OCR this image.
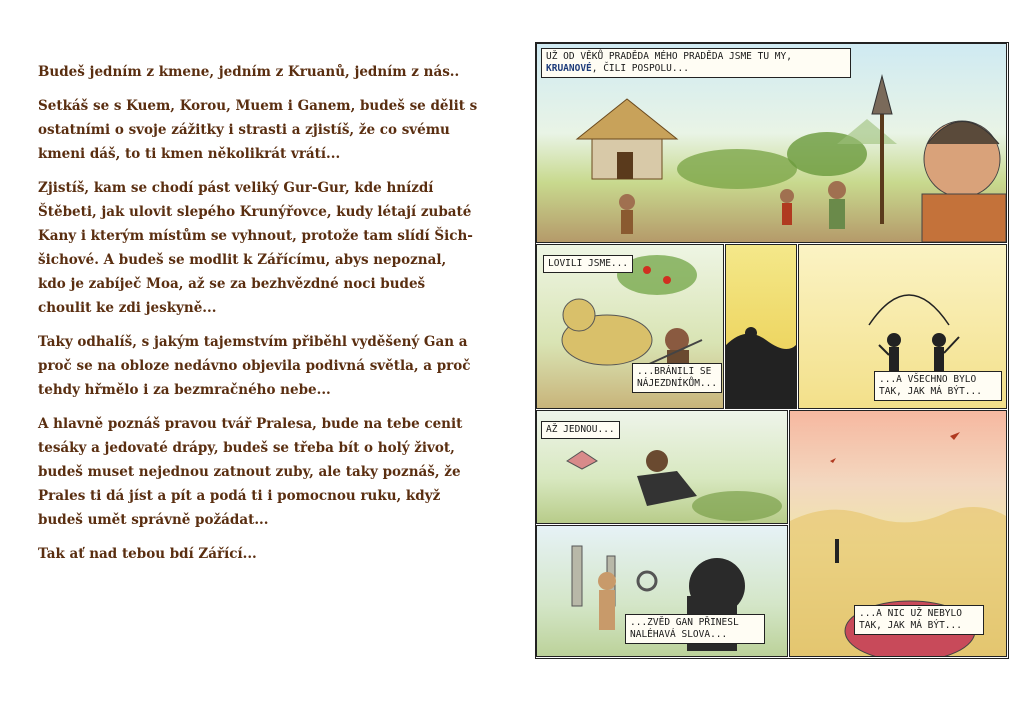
Budeš jedním z kmene, jedním z Kruanů, jedním z nás..

Setkáš se s Kuem, Korou, Muem i Ganem, budeš se dělit s ostatními o svoje zážitky i strasti a zjistíš, že co svému kmeni dáš, to ti kmen několikrát vrátí...

Zjistíš, kam se chodí pást veliký Gur-Gur, kde hnízdí Štěbeti, jak ulovit slepého Krunýřovce, kudy létají zubaté Kany i kterým místům se vyhnout, protože tam slídí Šich-šichové. A budeš se modlit k Zářícímu, abys nepoznal, kdo je zabíječ Moa, až se za bezhvězdné noci budeš choulit ke zdi jeskyně...

Taky odhalíš, s jakým tajemstvím přiběhl vyděšený Gan a proč se na obloze nedávno objevila podivná světla, a proč tehdy hřmělo i za bezmračného nebe...

A hlavně poznáš pravou tvář Pralesa, bude na tebe cenit tesáky a jedovaté drápy, budeš se třeba bít o holý život, budeš muset nejednou zatnout zuby, ale taky poznáš, že Prales ti dá jíst a pít a podá ti i pomocnou ruku, když budeš umět správně požádat...

Tak ať nad tebou bdí Zářící...

UŽ OD VĚKŮ PRADĚDA MÉHO PRADĚDA JSME TU MY, KRUANOVÉ, ČILI POSPOLU...
LOVILI JSME...
...BRÁNILI SE NÁJEZDNÍKŮM...	...A VŠECHNO BYLO TAK, JAK MÁ BÝT...
AŽ JEDNOU...
...ZVĚD GAN PŘINESL NALÉHAVÁ SLOVA...
...A NIC UŽ NEBYLO TAK, JAK MÁ BÝT...
